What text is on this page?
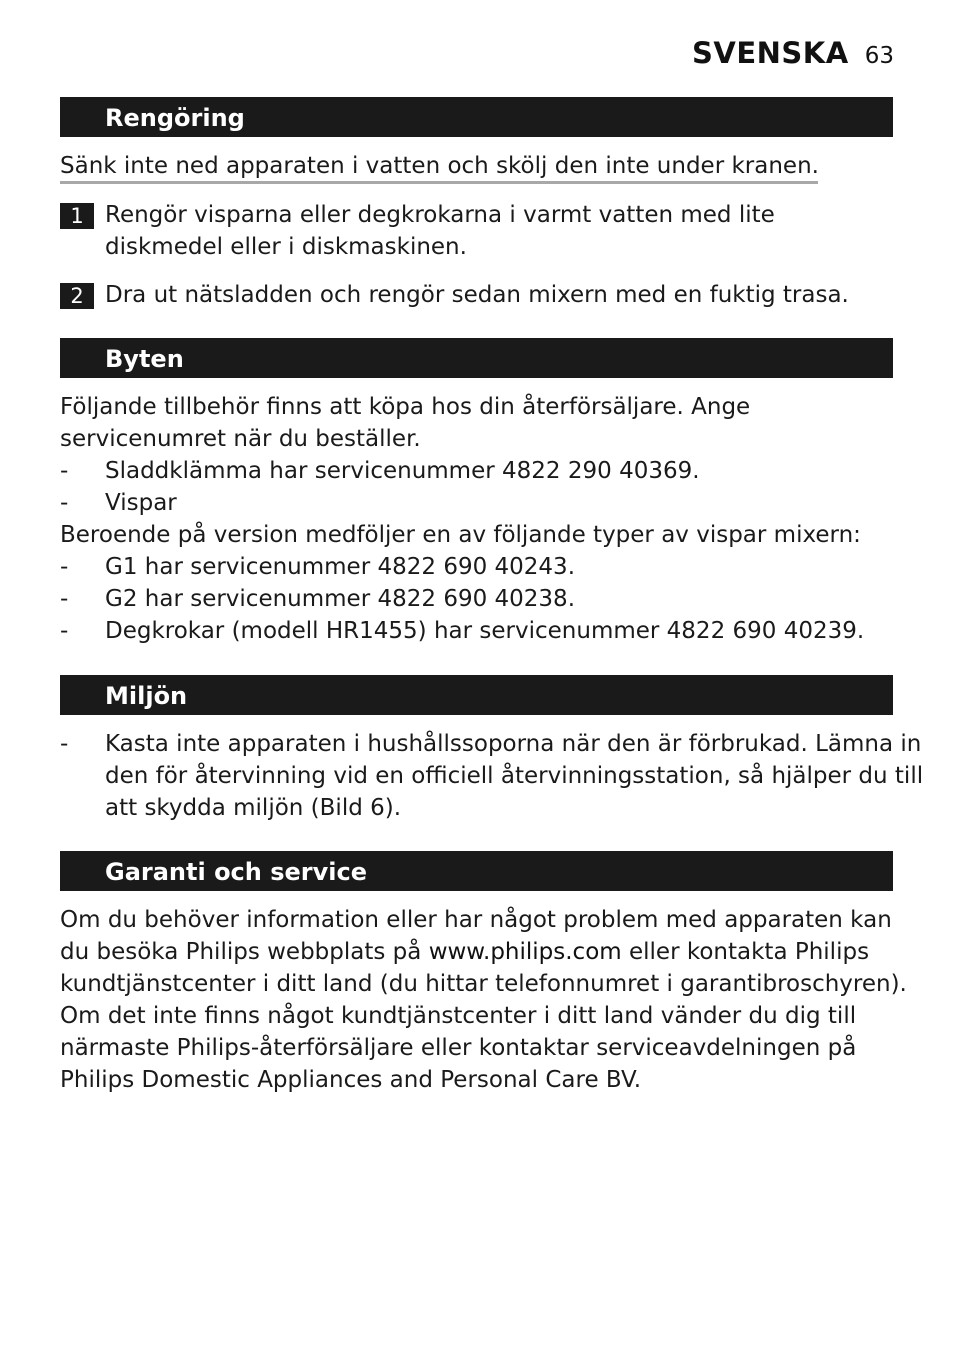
SVENSKA 63
Rengöring
Sänk inte ned apparaten i vatten och skölj den inte under kranen.
1 Rengör visparna eller degkrokarna i varmt vatten med lite
diskmedel eller i diskmaskinen.
2 Dra ut nätsladden och rengör sedan mixern med en fuktig trasa.
Byten
Följande tillbehör finns att köpa hos din återförsäljare. Ange
servicenumret när du beställer.
- Sladdklämma har servicenummer 4822 290 40369.
- Vispar
Beroende på version medföljer en av följande typer av vispar mixern:
- G1 har servicenummer 4822 690 40243.
- G2 har servicenummer 4822 690 40238.
- Degkrokar (modell HR1455) har servicenummer 4822 690 40239.
Miljön
- Kasta inte apparaten i hushållssoporna när den är förbrukad. Lämna in
den för återvinning vid en officiell återvinningsstation, så hjälper du till
att skydda miljön (Bild 6).
Garanti och service
Om du behöver information eller har något problem med apparaten kan
du besöka Philips webbplats på www.philips.com eller kontakta Philips
kundtjänstcenter i ditt land (du hittar telefonnumret i garantibroschyren).
Om det inte finns något kundtjänstcenter i ditt land vänder du dig till
närmaste Philips-återförsäljare eller kontaktar serviceavdelningen på
Philips Domestic Appliances and Personal Care BV.
